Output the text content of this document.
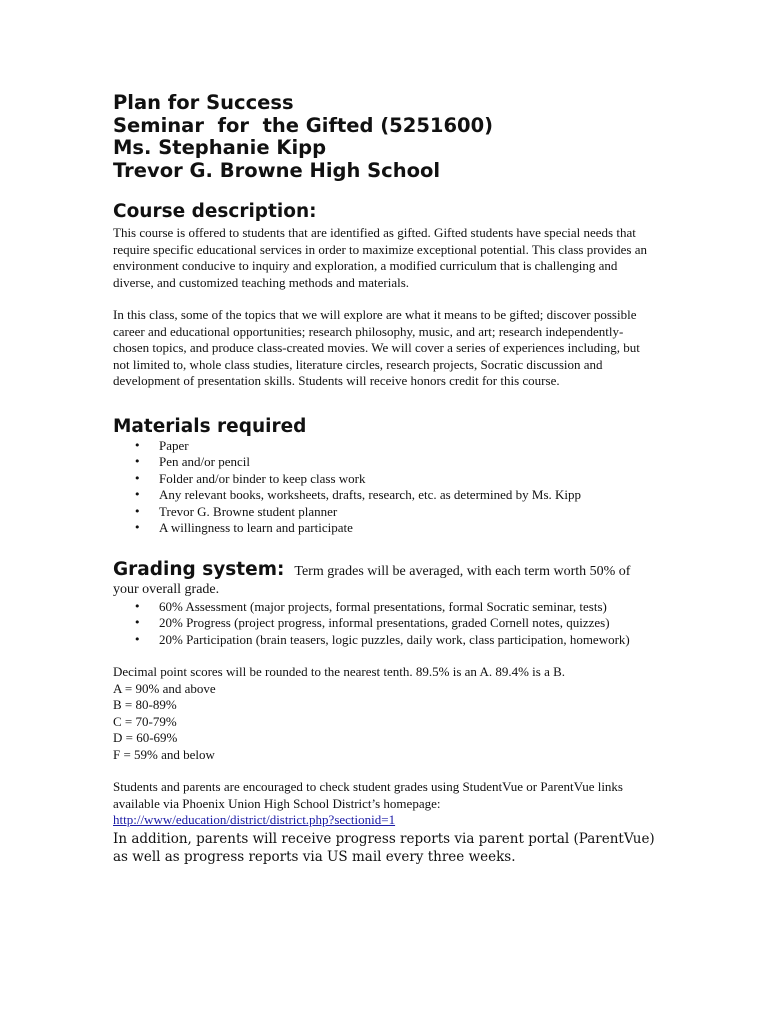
Plan for Success
Seminar  for  the Gifted (5251600)
Ms. Stephanie Kipp
Trevor G. Browne High School
Course description:

This course is offered to students that are identified as gifted. Gifted students have special needs that require specific educational services in order to maximize exceptional potential. This class provides an environment conducive to inquiry and exploration, a modified curriculum that is challenging and diverse, and customized teaching methods and materials.

In this class, some of the topics that we will explore are what it means to be gifted; discover possible career and educational opportunities; research philosophy, music, and art; research independently-chosen topics, and produce class-created movies. We will cover a series of experiences including, but not limited to, whole class studies, literature circles, research projects, Socratic discussion and development of presentation skills. Students will receive honors credit for this course.

Materials required
• Paper
• Pen and/or pencil
• Folder and/or binder to keep class work
• Any relevant books, worksheets, drafts, research, etc. as determined by Ms. Kipp
• Trevor G. Browne student planner
• A willingness to learn and participate
Grading system: Term grades will be averaged, with each term worth 50% of your overall grade.
• 60% Assessment (major projects, formal presentations, formal Socratic seminar, tests)
• 20% Progress (project progress, informal presentations, graded Cornell notes, quizzes)
• 20% Participation (brain teasers, logic puzzles, daily work, class participation, homework)
Decimal point scores will be rounded to the nearest tenth. 89.5% is an A. 89.4% is a B.
A = 90% and above
B = 80-89%
C = 70-79%
D = 60-69%
F = 59% and below

Students and parents are encouraged to check student grades using StudentVue or ParentVue links available via Phoenix Union High School District’s homepage:

http://www/education/district/district.php?sectionid=1

In addition, parents will receive progress reports via parent portal (ParentVue) as well as progress reports via US mail every three weeks.
